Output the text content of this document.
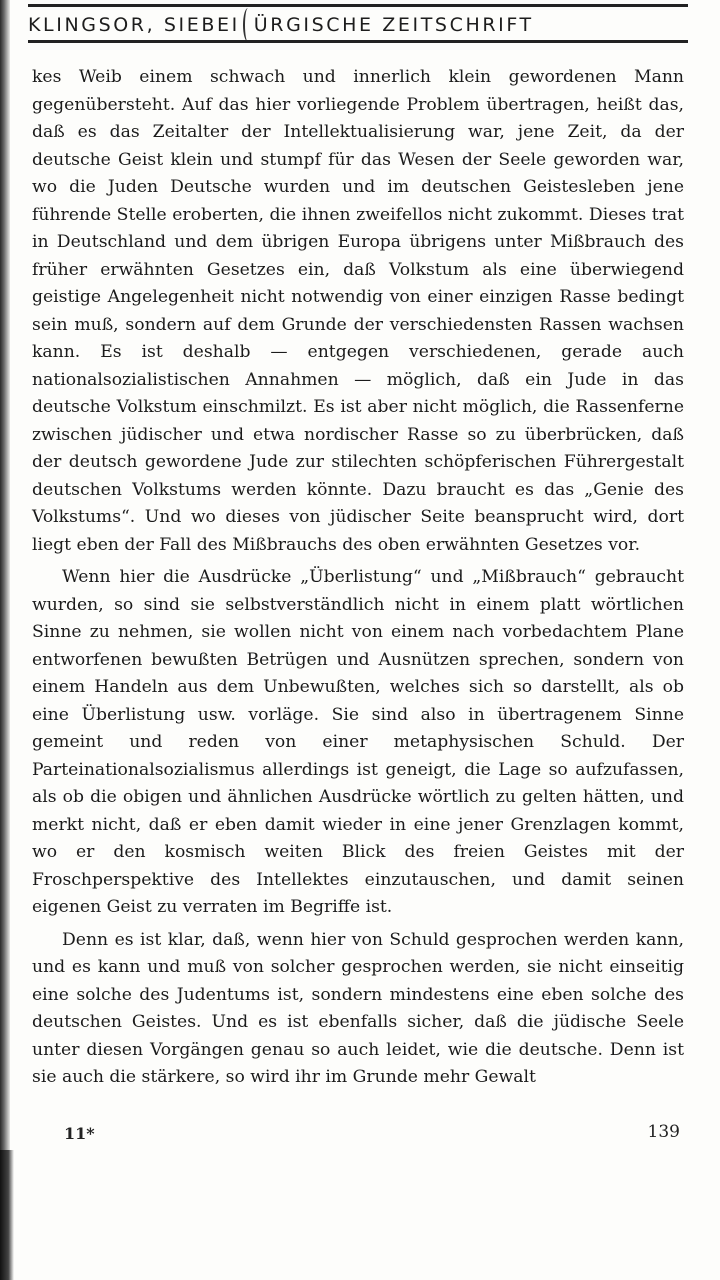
KLINGSOR, SIEBEI ÜRGISCHE ZEITSCHRIFT

kes Weib einem schwach und innerlich klein gewordenen Mann gegenübersteht. Auf das hier vorliegende Problem übertragen, heißt das, daß es das Zeitalter der Intellektualisierung war, jene Zeit, da der deutsche Geist klein und stumpf für das Wesen der Seele geworden war, wo die Juden Deutsche wurden und im deutschen Geistesleben jene führende Stelle eroberten, die ihnen zweifellos nicht zukommt. Dieses trat in Deutschland und dem übrigen Europa übrigens unter Mißbrauch des früher erwähnten Gesetzes ein, daß Volkstum als eine überwiegend geistige Angelegenheit nicht notwendig von einer einzigen Rasse bedingt sein muß, sondern auf dem Grunde der verschiedensten Rassen wachsen kann. Es ist deshalb — entgegen verschiedenen, gerade auch nationalsozialistischen Annahmen — möglich, daß ein Jude in das deutsche Volkstum einschmilzt. Es ist aber nicht möglich, die Rassenferne zwischen jüdischer und etwa nordischer Rasse so zu überbrücken, daß der deutsch gewordene Jude zur stilechten schöpferischen Führergestalt deutschen Volkstums werden könnte. Dazu braucht es das „Genie des Volkstums“. Und wo dieses von jüdischer Seite beansprucht wird, dort liegt eben der Fall des Mißbrauchs des oben erwähnten Gesetzes vor.

Wenn hier die Ausdrücke „Überlistung“ und „Mißbrauch“ gebraucht wurden, so sind sie selbstverständlich nicht in einem platt wörtlichen Sinne zu nehmen, sie wollen nicht von einem nach vorbedachtem Plane entworfenen bewußten Betrügen und Ausnützen sprechen, sondern von einem Handeln aus dem Unbewußten, welches sich so darstellt, als ob eine Überlistung usw. vorläge. Sie sind also in übertragenem Sinne gemeint und reden von einer metaphysischen Schuld. Der Parteinationalsozialismus allerdings ist geneigt, die Lage so aufzufassen, als ob die obigen und ähnlichen Ausdrücke wörtlich zu gelten hätten, und merkt nicht, daß er eben damit wieder in eine jener Grenzlagen kommt, wo er den kosmisch weiten Blick des freien Geistes mit der Froschperspektive des Intellektes einzutauschen, und damit seinen eigenen Geist zu verraten im Begriffe ist.

Denn es ist klar, daß, wenn hier von Schuld gesprochen werden kann, und es kann und muß von solcher gesprochen werden, sie nicht einseitig eine solche des Judentums ist, sondern mindestens eine eben solche des deutschen Geistes. Und es ist ebenfalls sicher, daß die jüdische Seele unter diesen Vorgängen genau so auch leidet, wie die deutsche. Denn ist sie auch die stärkere, so wird ihr im Grunde mehr Gewalt

11*	139
